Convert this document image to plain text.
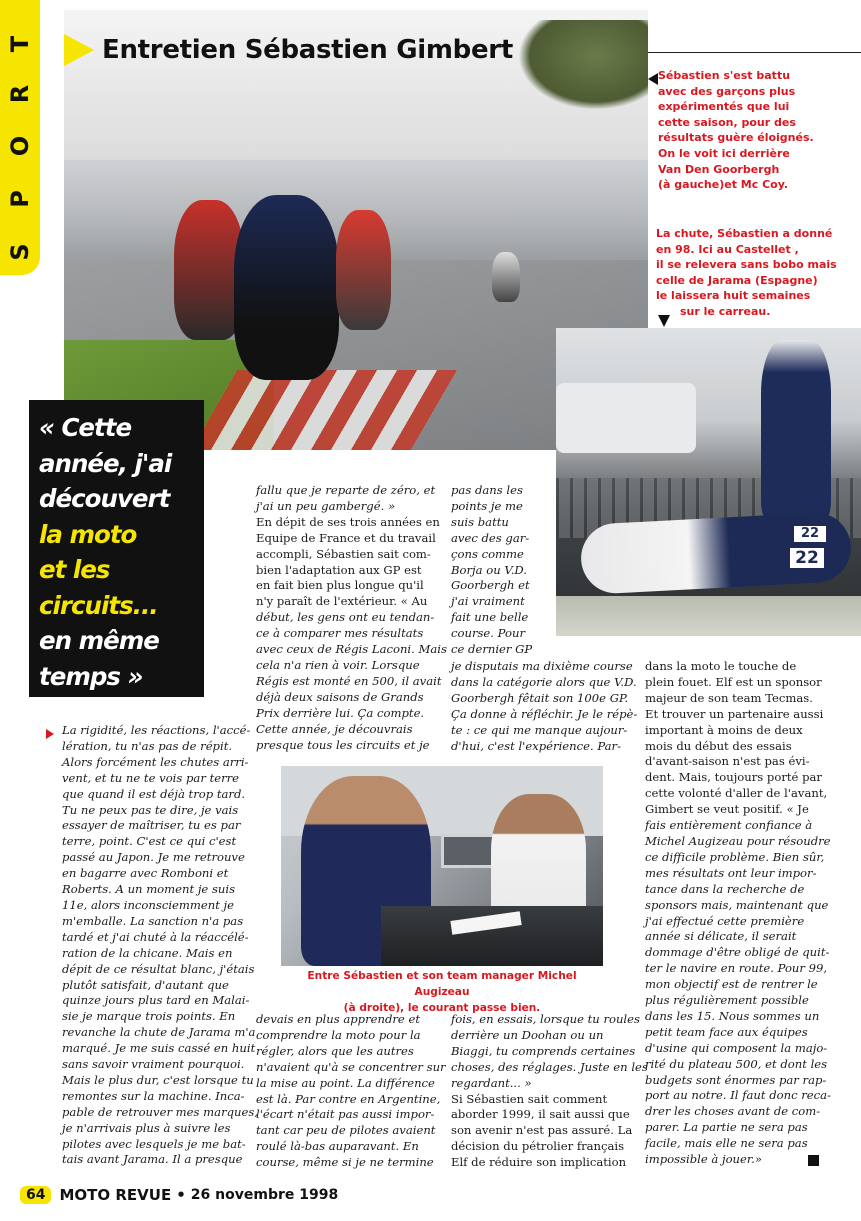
S
P
O
R
T	Entretien Sébastien Gimbert
Sébastien s'est battu
avec des garçons plus
expérimentés que lui
cette saison, pour des
résultats guère éloignés.
On le voit ici derrière
Van Den Goorbergh
(à gauche)et Mc Coy.
La chute, Sébastien a donné
en 98. Ici au Castellet ,
il se relevera sans bobo mais
celle de Jarama (Espagne)
le laissera huit semaines
sur le carreau.
22
22
« Cette
année, j'ai
découvert
la moto
et les
circuits...
en même
temps »
La rigidité, les réactions, l'accé-
lération, tu n'as pas de répit.
Alors forcément les chutes arri-
vent, et tu ne te vois par terre
que quand il est déjà trop tard.
Tu ne peux pas te dire, je vais
essayer de maîtriser, tu es par
terre, point. C'est ce qui c'est
passé au Japon. Je me retrouve
en bagarre avec Romboni et
Roberts. A un moment je suis
11e, alors inconsciemment je
m'emballe. La sanction n'a pas
tardé et j'ai chuté à la réaccélé-
ration de la chicane. Mais en
dépit de ce résultat blanc, j'étais
plutôt satisfait, d'autant que
quinze jours plus tard en Malai-
sie je marque trois points. En
revanche la chute de Jarama m'a
marqué. Je me suis cassé en huit
sans savoir vraiment pourquoi.
Mais le plus dur, c'est lorsque tu
remontes sur la machine. Inca-
pable de retrouver mes marques,
je n'arrivais plus à suivre les
pilotes avec lesquels je me bat-
tais avant Jarama. Il a presque
fallu que je reparte de zéro, et
j'ai un peu gambergé. »
En dépit de ses trois années en
Equipe de France et du travail
accompli, Sébastien sait com-
bien l'adaptation aux GP est
en fait bien plus longue qu'il
n'y paraît de l'extérieur. « Au
début, les gens ont eu tendan-
ce à comparer mes résultats
avec ceux de Régis Laconi. Mais
cela n'a rien à voir. Lorsque
Régis est monté en 500, il avait
déjà deux saisons de Grands
Prix derrière lui. Ça compte.
Cette année, je découvrais
presque tous les circuits et je
pas dans les
points je me
suis battu
avec des gar-
çons comme
Borja ou V.D.
Goorbergh et
j'ai vraiment
fait une belle
course. Pour
ce dernier GP
je disputais ma dixième course
dans la catégorie alors que V.D.
Goorbergh fêtait son 100e GP.
Ça donne à réfléchir. Je le répè-
te : ce qui me manque aujour-
d'hui, c'est l'expérience. Par-
Entre Sébastien et son team manager Michel Augizeau
(à droite), le courant passe bien.
devais en plus apprendre et
comprendre la moto pour la
régler, alors que les autres
n'avaient qu'à se concentrer sur
la mise au point. La différence
est là. Par contre en Argentine,
l'écart n'était pas aussi impor-
tant car peu de pilotes avaient
roulé là-bas auparavant. En
course, même si je ne termine
fois, en essais, lorsque tu roules
derrière un Doohan ou un
Biaggi, tu comprends certaines
choses, des réglages. Juste en les
regardant... »
Si Sébastien sait comment
aborder 1999, il sait aussi que
son avenir n'est pas assuré. La
décision du pétrolier français
Elf de réduire son implication
dans la moto le touche de
plein fouet. Elf est un sponsor
majeur de son team Tecmas.
Et trouver un partenaire aussi
important à moins de deux
mois du début des essais
d'avant-saison n'est pas évi-
dent. Mais, toujours porté par
cette volonté d'aller de l'avant,
Gimbert se veut positif. « Je
fais entièrement confiance à
Michel Augizeau pour résoudre
ce difficile problème. Bien sûr,
mes résultats ont leur impor-
tance dans la recherche de
sponsors mais, maintenant que
j'ai effectué cette première
année si délicate, il serait
dommage d'être obligé de quit-
ter le navire en route. Pour 99,
mon objectif est de rentrer le
plus régulièrement possible
dans les 15. Nous sommes un
petit team face aux équipes
d'usine qui composent la majo-
rité du plateau 500, et dont les
budgets sont énormes par rap-
port au notre. Il faut donc reca-
drer les choses avant de com-
parer. La partie ne sera pas
facile, mais elle ne sera pas
impossible à jouer.»
64 MOTO REVUE • 26 novembre 1998
